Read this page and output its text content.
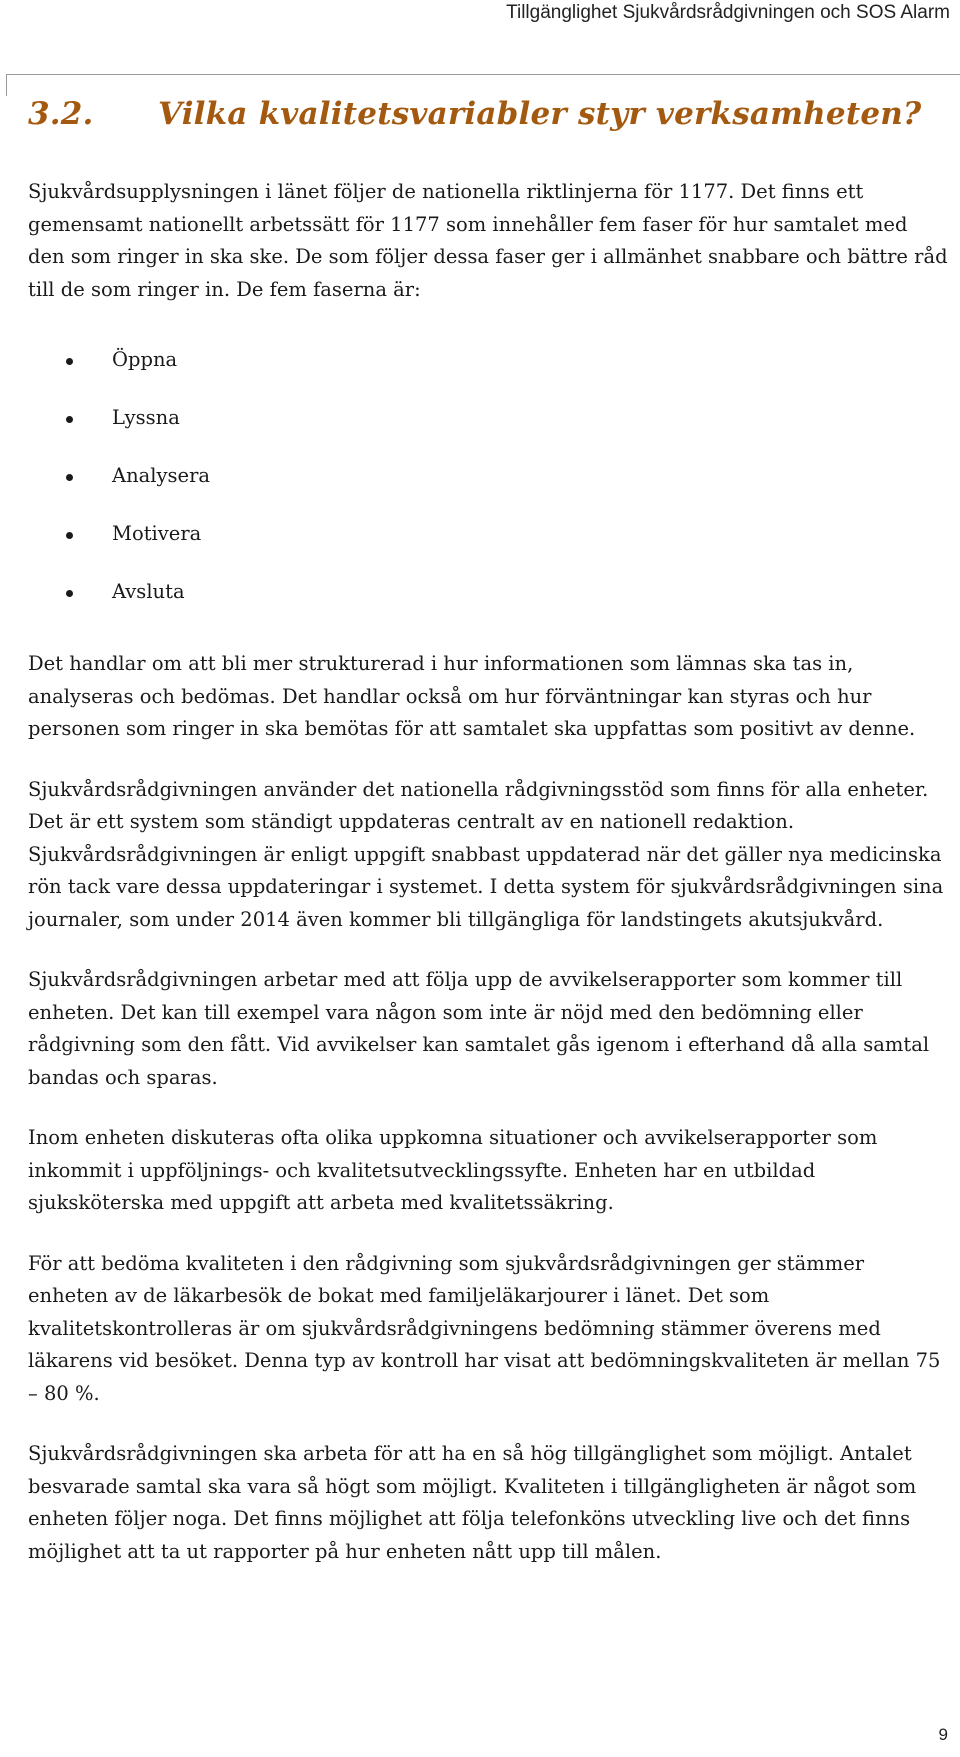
Tillgänglighet Sjukvårdsrådgivningen och SOS Alarm
3.2. Vilka kvalitetsvariabler styr verksamheten?

Sjukvårdsupplysningen i länet följer de nationella riktlinjerna för 1177. Det finns ett gemensamt nationellt arbetssätt för 1177 som innehåller fem faser för hur samtalet med den som ringer in ska ske. De som följer dessa faser ger i allmänhet snabbare och bättre råd till de som ringer in. De fem faserna är:

Öppna
Lyssna
Analysera
Motivera
Avsluta

Det handlar om att bli mer strukturerad i hur informationen som lämnas ska tas in, analyseras och bedömas. Det handlar också om hur förväntningar kan styras och hur personen som ringer in ska bemötas för att samtalet ska uppfattas som positivt av denne.

Sjukvårdsrådgivningen använder det nationella rådgivningsstöd som finns för alla enheter. Det är ett system som ständigt uppdateras centralt av en nationell redaktion. Sjukvårdsrådgivningen är enligt uppgift snabbast uppdaterad när det gäller nya medicinska rön tack vare dessa uppdateringar i systemet. I detta system för sjukvårdsrådgivningen sina journaler, som under 2014 även kommer bli tillgängliga för landstingets akutsjukvård.

Sjukvårdsrådgivningen arbetar med att följa upp de avvikelserapporter som kommer till enheten. Det kan till exempel vara någon som inte är nöjd med den bedömning eller rådgivning som den fått. Vid avvikelser kan samtalet gås igenom i efterhand då alla samtal bandas och sparas.

Inom enheten diskuteras ofta olika uppkomna situationer och avvikelserapporter som inkommit i uppföljnings- och kvalitetsutvecklingssyfte. Enheten har en utbildad sjuksköterska med uppgift att arbeta med kvalitetssäkring.

För att bedöma kvaliteten i den rådgivning som sjukvårdsrådgivningen ger stämmer enheten av de läkarbesök de bokat med familjeläkarjourer i länet. Det som kvalitetskontrolleras är om sjukvårdsrådgivningens bedömning stämmer överens med läkarens vid besöket. Denna typ av kontroll har visat att bedömningskvaliteten är mellan 75 – 80 %.

Sjukvårdsrådgivningen ska arbeta för att ha en så hög tillgänglighet som möjligt. Antalet besvarade samtal ska vara så högt som möjligt. Kvaliteten i tillgängligheten är något som enheten följer noga. Det finns möjlighet att följa telefonköns utveckling live och det finns möjlighet att ta ut rapporter på hur enheten nått upp till målen.

9
